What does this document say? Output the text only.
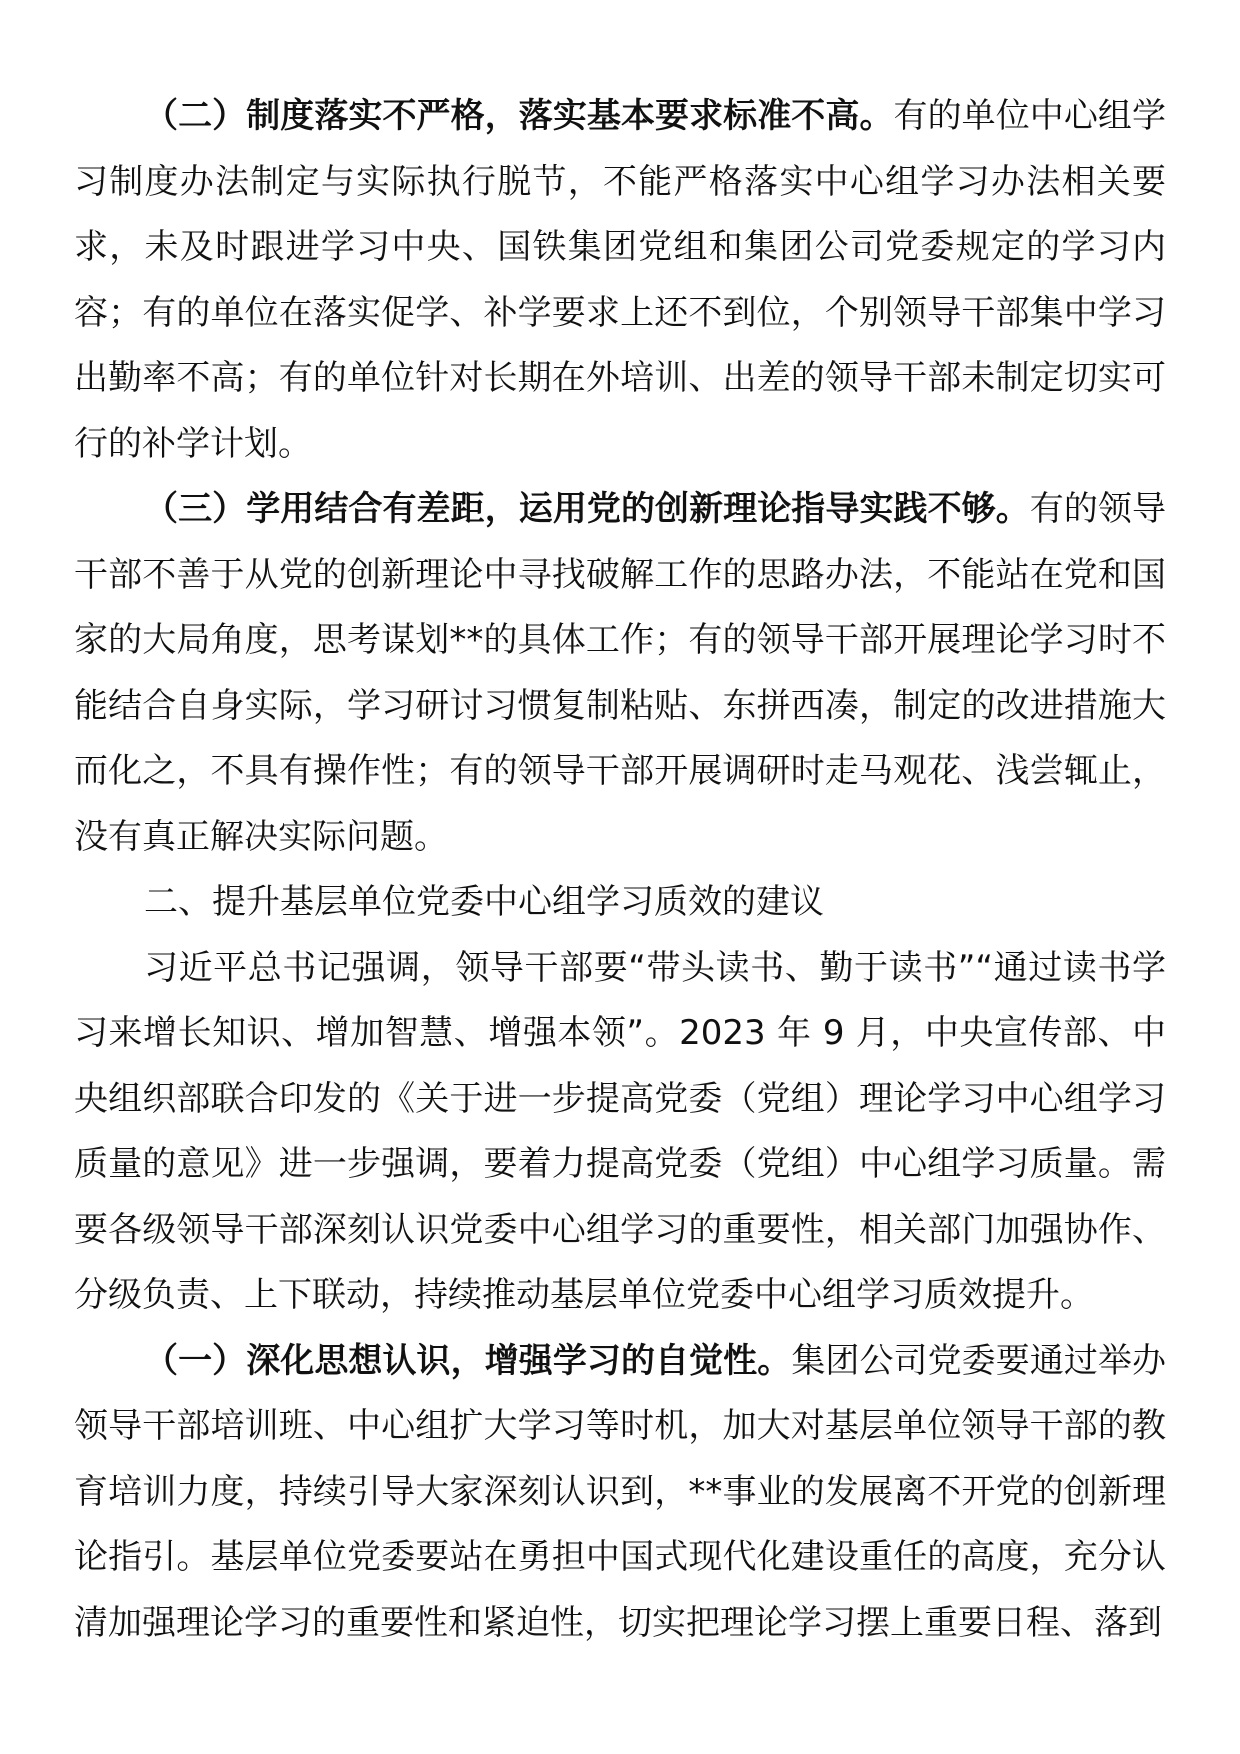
（二）制度落实不严格，落实基本要求标准不高。有的单位中心组学习制度办法制定与实际执行脱节，不能严格落实中心组学习办法相关要求，未及时跟进学习中央、国铁集团党组和集团公司党委规定的学习内容；有的单位在落实促学、补学要求上还不到位，个别领导干部集中学习出勤率不高；有的单位针对长期在外培训、出差的领导干部未制定切实可行的补学计划。

（三）学用结合有差距，运用党的创新理论指导实践不够。有的领导干部不善于从党的创新理论中寻找破解工作的思路办法，不能站在党和国家的大局角度，思考谋划**的具体工作；有的领导干部开展理论学习时不能结合自身实际，学习研讨习惯复制粘贴、东拼西凑，制定的改进措施大而化之，不具有操作性；有的领导干部开展调研时走马观花、浅尝辄止，没有真正解决实际问题。

二、提升基层单位党委中心组学习质效的建议

习近平总书记强调，领导干部要“带头读书、勤于读书”“通过读书学习来增长知识、增加智慧、增强本领”。2023 年 9 月，中央宣传部、中央组织部联合印发的《关于进一步提高党委（党组）理论学习中心组学习质量的意见》进一步强调，要着力提高党委（党组）中心组学习质量。需要各级领导干部深刻认识党委中心组学习的重要性，相关部门加强协作、分级负责、上下联动，持续推动基层单位党委中心组学习质效提升。

（一）深化思想认识，增强学习的自觉性。集团公司党委要通过举办领导干部培训班、中心组扩大学习等时机，加大对基层单位领导干部的教育培训力度，持续引导大家深刻认识到，**事业的发展离不开党的创新理论指引。基层单位党委要站在勇担中国式现代化建设重任的高度，充分认清加强理论学习的重要性和紧迫性，切实把理论学习摆上重要日程、落到
